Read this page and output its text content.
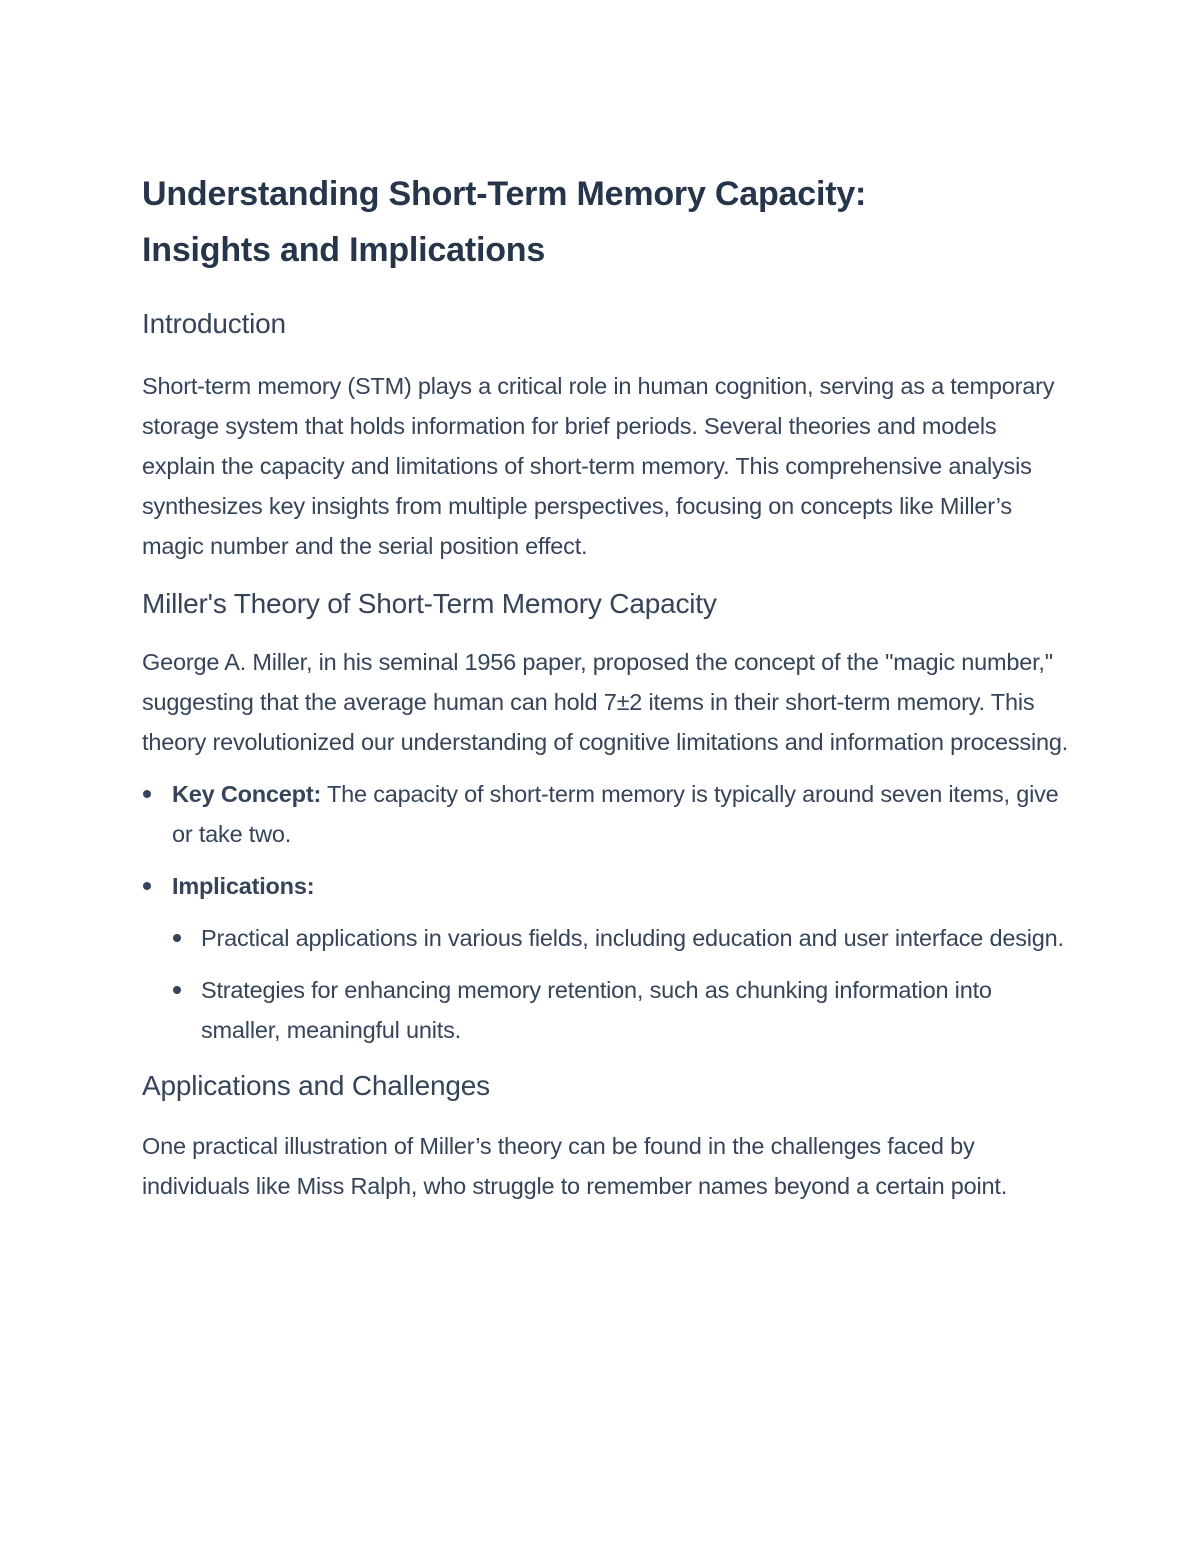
Understanding Short-Term Memory Capacity:
Insights and Implications
Introduction

Short-term memory (STM) plays a critical role in human cognition, serving as a temporary storage system that holds information for brief periods. Several theories and models explain the capacity and limitations of short-term memory. This comprehensive analysis synthesizes key insights from multiple perspectives, focusing on concepts like Miller’s magic number and the serial position effect.

Miller's Theory of Short-Term Memory Capacity

George A. Miller, in his seminal 1956 paper, proposed the concept of the "magic number," suggesting that the average human can hold 7±2 items in their short-term memory. This theory revolutionized our understanding of cognitive limitations and information processing.

Key Concept: The capacity of short-term memory is typically around seven items, give or take two.
Implications:
Practical applications in various fields, including education and user interface design.
Strategies for enhancing memory retention, such as chunking information into smaller, meaningful units.
Applications and Challenges

One practical illustration of Miller’s theory can be found in the challenges faced by individuals like Miss Ralph, who struggle to remember names beyond a certain point.
